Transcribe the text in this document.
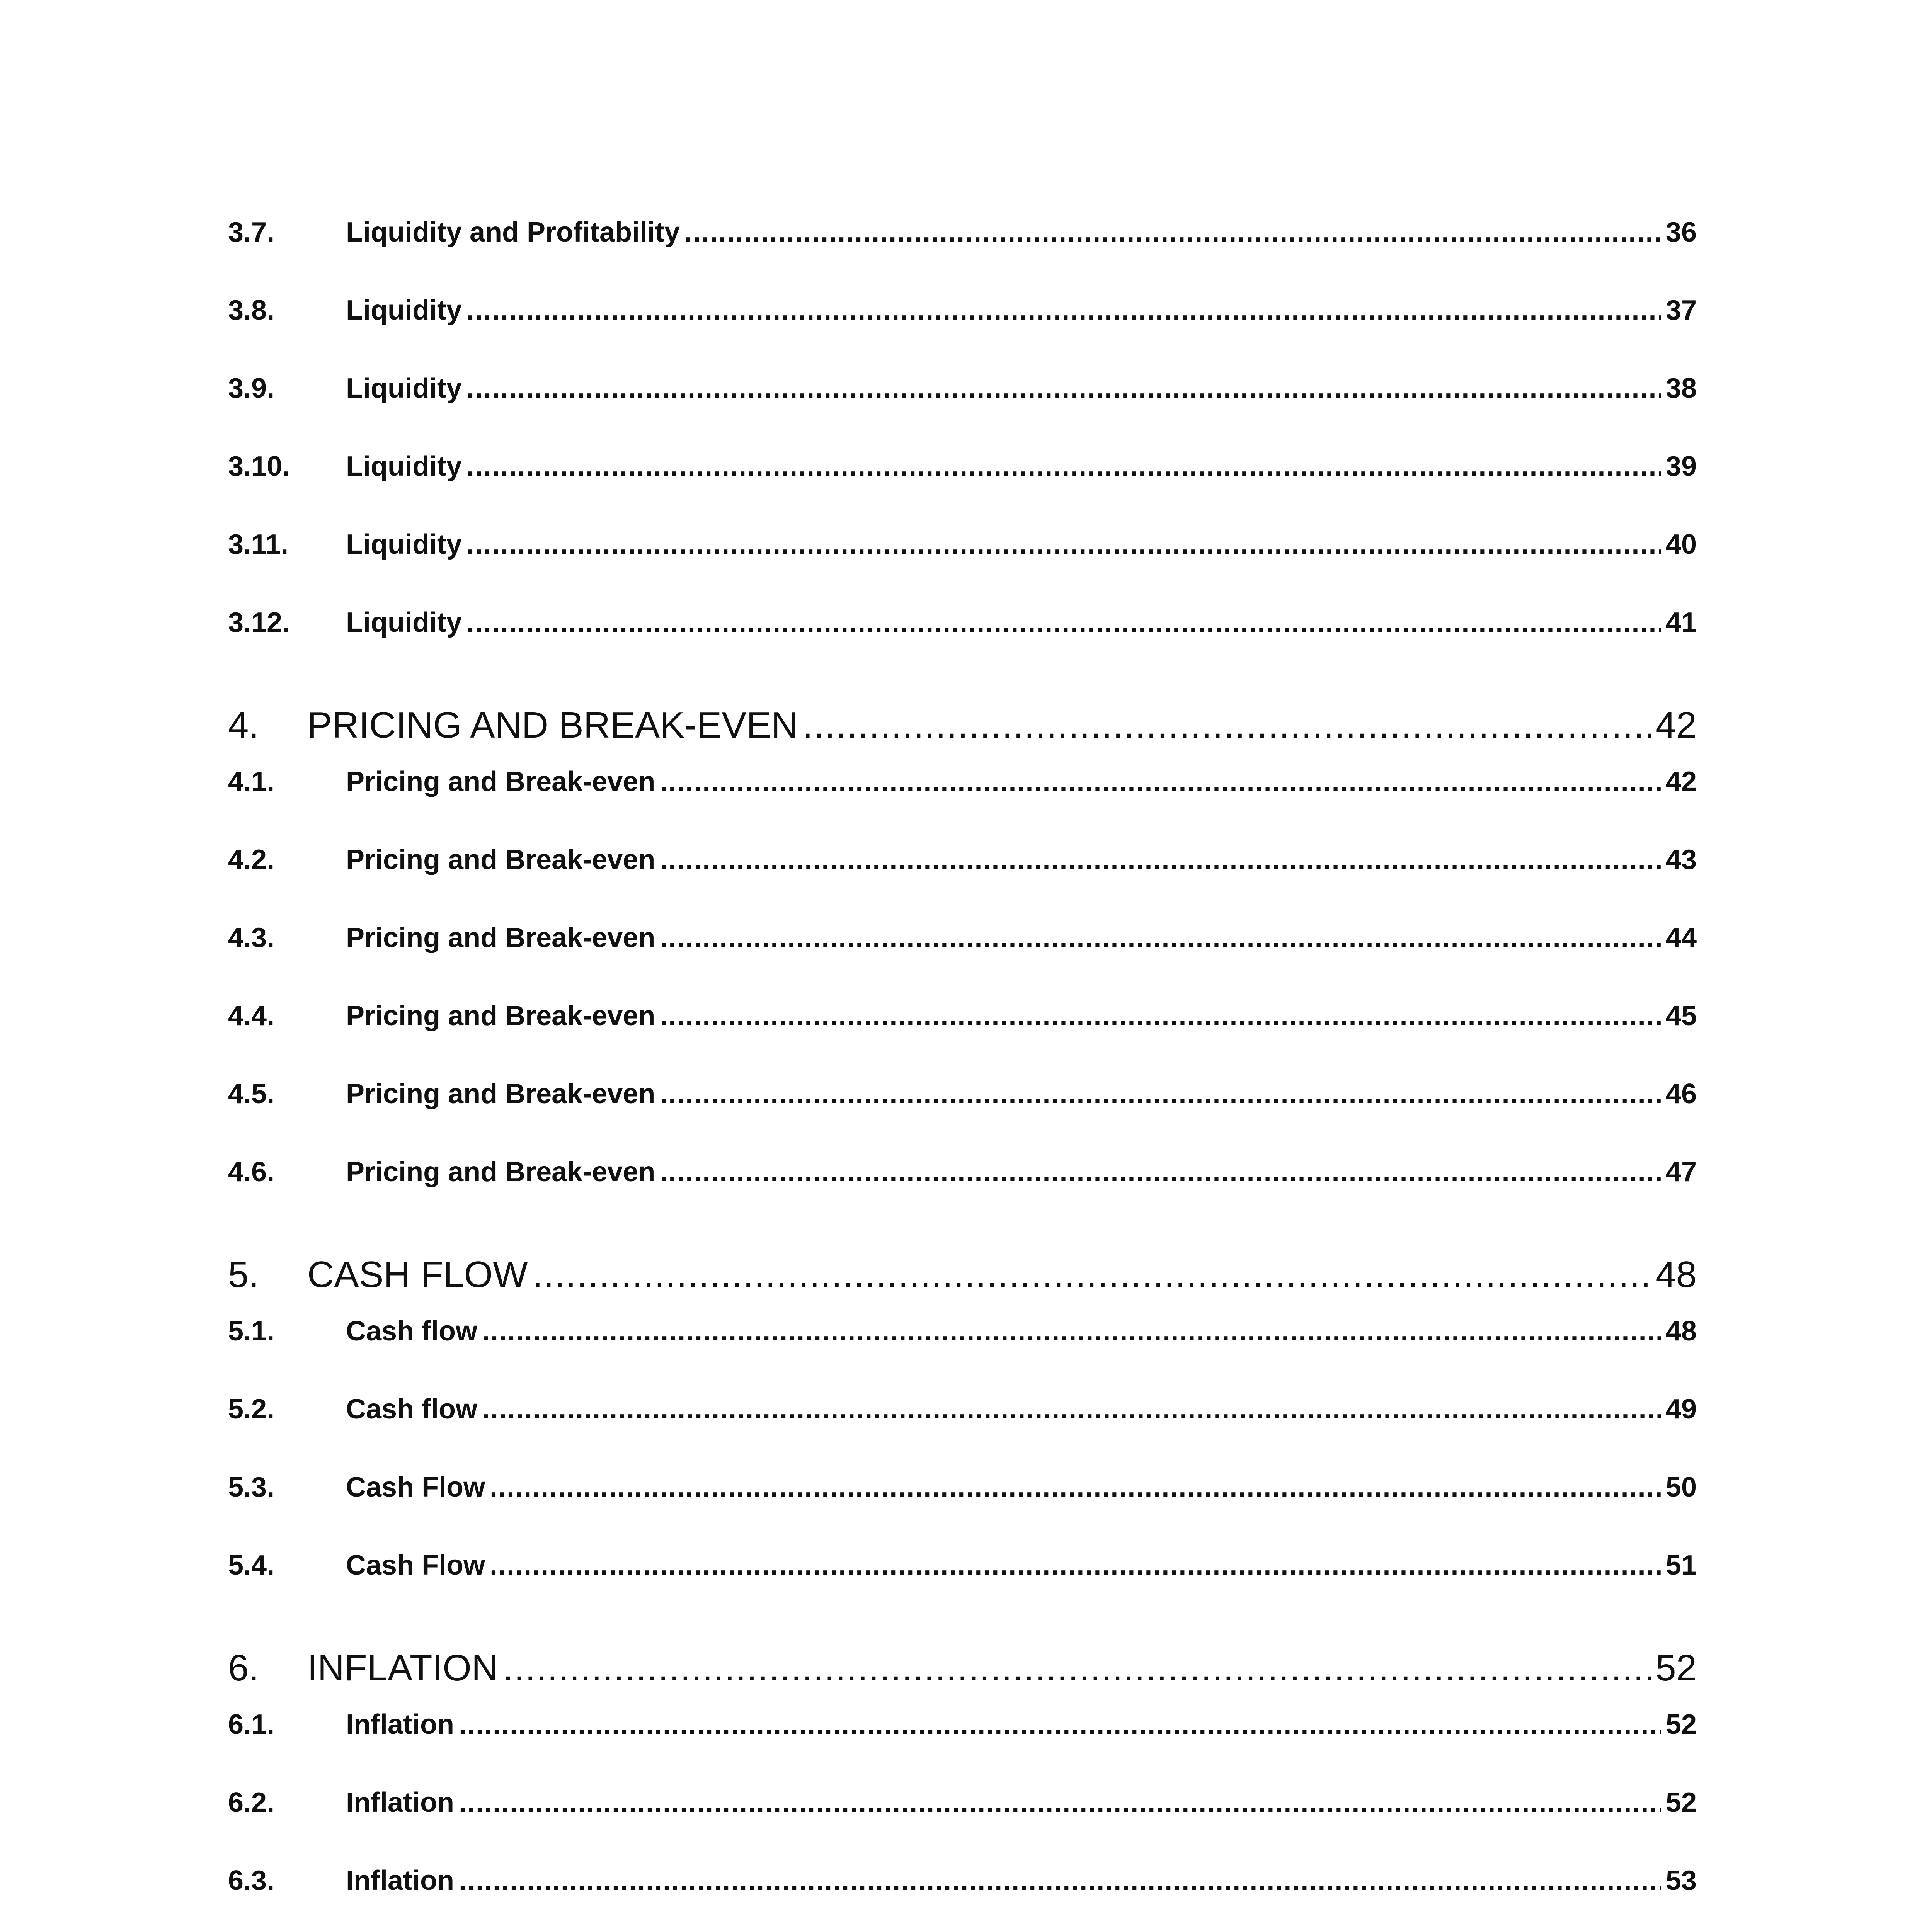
3.7.	Liquidity and Profitability .....	36
3.8.	Liquidity .....	37
3.9.	Liquidity .....	38
3.10.	Liquidity .....	39
3.11.	Liquidity .....	40
3.12.	Liquidity .....	41
4.	PRICING AND BREAK-EVEN .....	42
4.1.	Pricing and Break-even .....	42
4.2.	Pricing and Break-even .....	43
4.3.	Pricing and Break-even .....	44
4.4.	Pricing and Break-even .....	45
4.5.	Pricing and Break-even .....	46
4.6.	Pricing and Break-even .....	47
5.	CASH FLOW .....	48
5.1.	Cash flow .....	48
5.2.	Cash flow .....	49
5.3.	Cash Flow .....	50
5.4.	Cash Flow .....	51
6.	INFLATION .....	52
6.1.	Inflation .....	52
6.2.	Inflation .....	52
6.3.	Inflation .....	53
